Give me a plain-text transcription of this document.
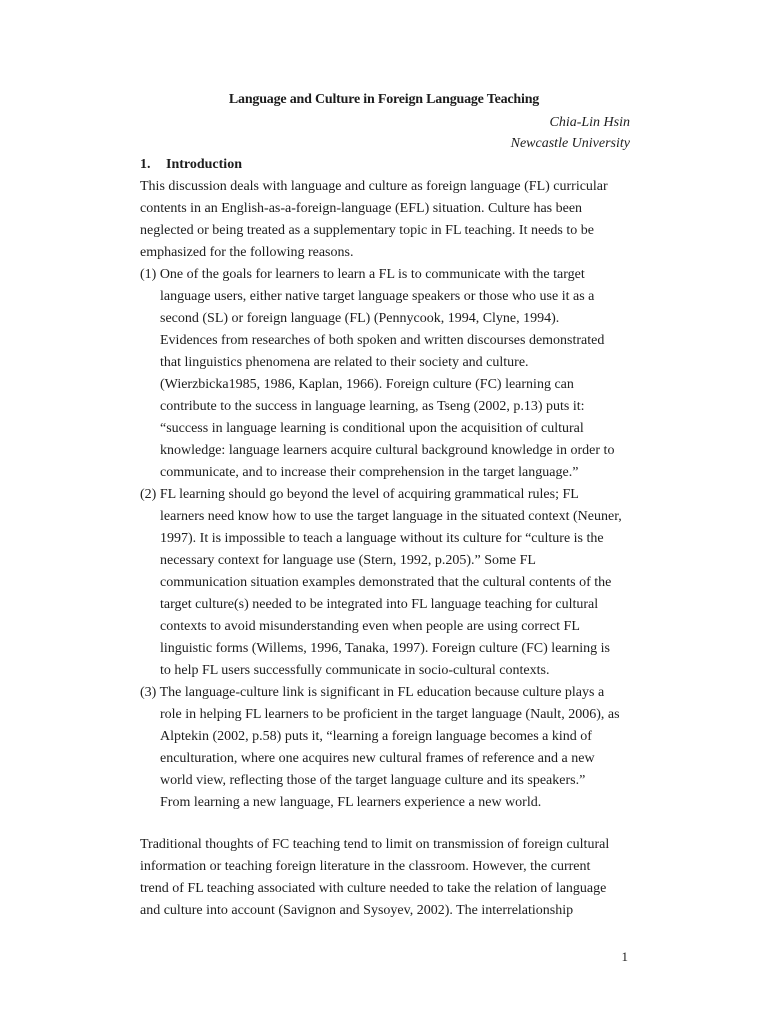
Language and Culture in Foreign Language Teaching
Chia-Lin Hsin
Newcastle University
1. Introduction
This discussion deals with language and culture as foreign language (FL) curricular
contents in an English-as-a-foreign-language (EFL) situation. Culture has been
neglected or being treated as a supplementary topic in FL teaching. It needs to be
emphasized for the following reasons.
(1) One of the goals for learners to learn a FL is to communicate with the target
language users, either native target language speakers or those who use it as a
second (SL) or foreign language (FL) (Pennycook, 1994, Clyne, 1994).
Evidences from researches of both spoken and written discourses demonstrated
that linguistics phenomena are related to their society and culture.
(Wierzbicka1985, 1986, Kaplan, 1966). Foreign culture (FC) learning can
contribute to the success in language learning, as Tseng (2002, p.13) puts it:
“success in language learning is conditional upon the acquisition of cultural
knowledge: language learners acquire cultural background knowledge in order to
communicate, and to increase their comprehension in the target language.”
(2) FL learning should go beyond the level of acquiring grammatical rules; FL
learners need know how to use the target language in the situated context (Neuner,
1997). It is impossible to teach a language without its culture for “culture is the
necessary context for language use (Stern, 1992, p.205).” Some FL
communication situation examples demonstrated that the cultural contents of the
target culture(s) needed to be integrated into FL language teaching for cultural
contexts to avoid misunderstanding even when people are using correct FL
linguistic forms (Willems, 1996, Tanaka, 1997). Foreign culture (FC) learning is
to help FL users successfully communicate in socio-cultural contexts.
(3) The language-culture link is significant in FL education because culture plays a
role in helping FL learners to be proficient in the target language (Nault, 2006), as
Alptekin (2002, p.58) puts it, “learning a foreign language becomes a kind of
enculturation, where one acquires new cultural frames of reference and a new
world view, reflecting those of the target language culture and its speakers.”
From learning a new language, FL learners experience a new world.
Traditional thoughts of FC teaching tend to limit on transmission of foreign cultural
information or teaching foreign literature in the classroom. However, the current
trend of FL teaching associated with culture needed to take the relation of language
and culture into account (Savignon and Sysoyev, 2002). The interrelationship
1
